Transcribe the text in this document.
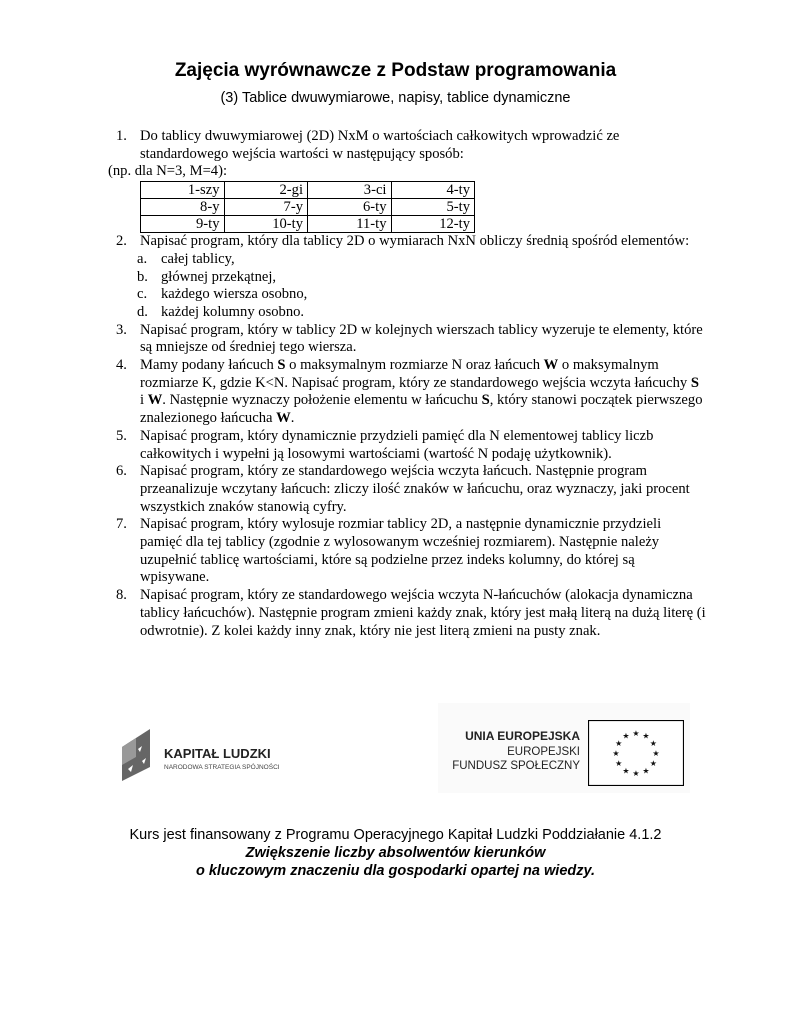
Zajęcia wyrównawcze z Podstaw programowania
(3) Tablice dwuwymiarowe, napisy, tablice dynamiczne
1. Do tablicy dwuwymiarowej (2D) NxM o wartościach całkowitych wprowadzić ze standardowego wejścia wartości w następujący sposób:
(np. dla N=3, M=4):
1-szy	2-gi	3-ci	4-ty
8-y	7-y	6-ty	5-ty
9-ty	10-ty	11-ty	12-ty
2. Napisać program, który dla tablicy 2D o wymiarach NxN obliczy średnią spośród elementów:
a. całej tablicy,
b. głównej przekątnej,
c. każdego wiersza osobno,
d. każdej kolumny osobno.
3. Napisać program, który w tablicy 2D w kolejnych wierszach tablicy wyzeruje te elementy, które są mniejsze od średniej tego wiersza.
4. Mamy podany łańcuch S o maksymalnym rozmiarze N oraz łańcuch W o maksymalnym rozmiarze K, gdzie K<N. Napisać program, który ze standardowego wejścia wczyta łańcuchy S i W. Następnie wyznaczy położenie elementu w łańcuchu S, który stanowi początek pierwszego znalezionego łańcucha W.
5. Napisać program, który dynamicznie przydzieli pamięć dla N elementowej tablicy liczb całkowitych i wypełni ją losowymi wartościami (wartość N podaję użytkownik).
6. Napisać program, który ze standardowego wejścia wczyta łańcuch. Następnie program przeanalizuje wczytany łańcuch: zliczy ilość znaków w łańcuchu, oraz wyznaczy, jaki procent wszystkich znaków stanowią cyfry.
7. Napisać program, który wylosuje rozmiar tablicy 2D, a następnie dynamicznie przydzieli pamięć dla tej tablicy (zgodnie z wylosowanym wcześniej rozmiarem). Następnie należy uzupełnić tablicę wartościami, które są podzielne przez indeks kolumny, do której są wpisywane.
8. Napisać program, który ze standardowego wejścia wczyta N-łańcuchów (alokacja dynamiczna tablicy łańcuchów). Następnie program zmieni każdy znak, który jest małą literą na dużą literę (i odwrotnie). Z kolei każdy inny znak, który nie jest literą zmieni na pusty znak.
KAPITAŁ LUDZKI
NARODOWA STRATEGIA SPÓJNOŚCI
UNIA EUROPEJSKA
EUROPEJSKI
FUNDUSZ SPOŁECZNY
★ ★
★
★
★
★
★
★
★
★
★
★
Kurs jest finansowany z Programu Operacyjnego Kapitał Ludzki Poddziałanie 4.1.2
Zwiększenie liczby absolwentów kierunków
o kluczowym znaczeniu dla gospodarki opartej na wiedzy.
